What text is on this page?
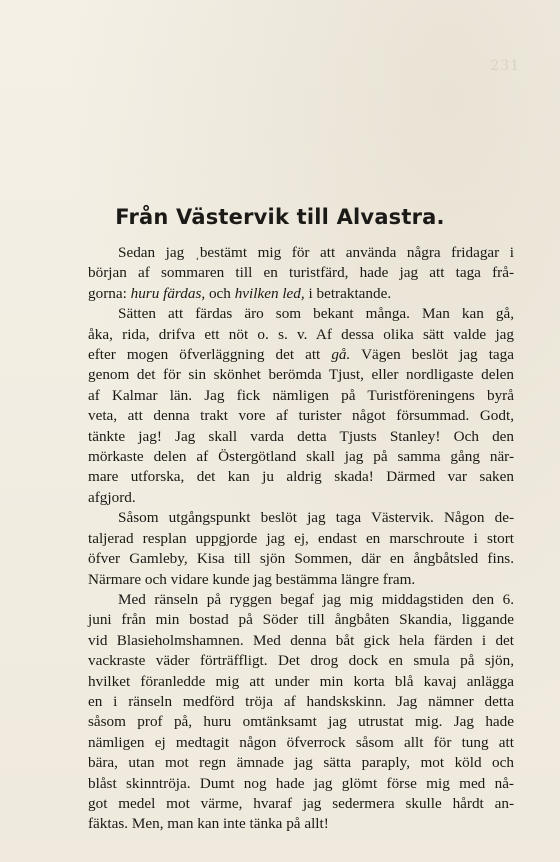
231
Från Västervik till Alvastra.
Sedan jag ˌbestämt mig för att använda några fridagar i
början af sommaren till en turistfärd, hade jag att taga frå-
gorna: huru färdas, och hvilken led, i betraktande.
Sätten att färdas äro som bekant många. Man kan gå,
åka, rida, drifva ett nöt o. s. v. Af dessa olika sätt valde jag
efter mogen öfverläggning det att gå. Vägen beslöt jag taga
genom det för sin skönhet berömda Tjust, eller nordligaste delen
af Kalmar län. Jag fick nämligen på Turistföreningens byrå
veta, att denna trakt vore af turister något försummad. Godt,
tänkte jag! Jag skall varda detta Tjusts Stanley! Och den
mörkaste delen af Östergötland skall jag på samma gång när-
mare utforska, det kan ju aldrig skada! Därmed var saken
afgjord.
Såsom utgångspunkt beslöt jag taga Västervik. Någon de-
taljerad resplan uppgjorde jag ej, endast en marschroute i stort
öfver Gamleby, Kisa till sjön Sommen, där en ångbåtsled fins.
Närmare och vidare kunde jag bestämma längre fram.
Med ränseln på ryggen begaf jag mig middagstiden den 6.
juni från min bostad på Söder till ångbåten Skandia, liggande
vid Blasieholmshamnen. Med denna båt gick hela färden i det
vackraste väder förträffligt. Det drog dock en smula på sjön,
hvilket föranledde mig att under min korta blå kavaj anlägga
en i ränseln medförd tröja af handskskinn. Jag nämner detta
såsom prof på, huru omtänksamt jag utrustat mig. Jag hade
nämligen ej medtagit någon öfverrock såsom allt för tung att
bära, utan mot regn ämnade jag sätta paraply, mot köld och
blåst skinntröja. Dumt nog hade jag glömt förse mig med nå-
got medel mot värme, hvaraf jag sedermera skulle hårdt an-
fäktas. Men, man kan inte tänka på allt!
